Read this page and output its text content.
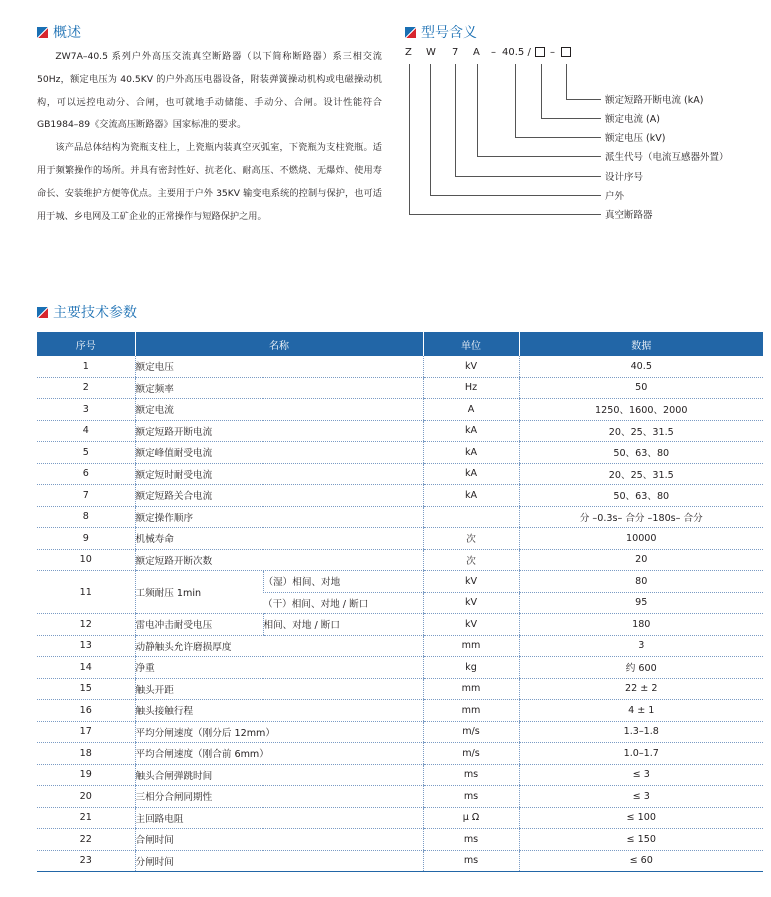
概述

ZW7A–40.5 系列户外高压交流真空断路器（以下简称断路器）系三相交流 50Hz，额定电压为 40.5KV 的户外高压电器设备，附装弹簧操动机构或电磁操动机构，可以远控电动分、合闸，也可就地手动储能、手动分、合闸。设计性能符合 GB1984–89《交流高压断路器》国家标准的要求。

该产品总体结构为瓷瓶支柱上，上瓷瓶内装真空灭弧室，下瓷瓶为支柱瓷瓶。适用于频繁操作的场所。并具有密封性好、抗老化、耐高压、不燃烧、无爆炸、使用寿命长、安装维护方便等优点。主要用于户外 35KV 输变电系统的控制与保护，也可适用于城、乡电网及工矿企业的正常操作与短路保护之用。

型号含义
Z W 7 A – 40.5 / –
额定短路开断电流 (kA)
额定电流 (A)
额定电压 (kV)
派生代号（电流互感器外置）
设计序号
户外
真空断路器
主要技术参数
序号	名称		单位	数据
1	额定电压		kV	40.5
2	额定频率		Hz	50
3	额定电流		A	1250、1600、2000
4	额定短路开断电流		kA	20、25、31.5
5	额定峰值耐受电流		kA	50、63、80
6	额定短时耐受电流		kA	20、25、31.5
7	额定短路关合电流		kA	50、63、80
8	额定操作顺序			分 –0.3s– 合分 –180s– 合分
9	机械寿命		次	10000
10	额定短路开断次数		次	20
11	工频耐压 1min	（湿）相间、对地	kV	80
		（干）相间、对地 / 断口	kV	95
12	雷电冲击耐受电压	相间、对地 / 断口	kV	180
13	动静触头允许磨损厚度		mm	3
14	净重		kg	约 600
15	触头开距		mm	22 ± 2
16	触头接触行程		mm	4 ± 1
17	平均分闸速度（刚分后 12mm）		m/s	1.3–1.8
18	平均合闸速度（刚合前 6mm）		m/s	1.0–1.7
19	触头合闸弹跳时间		ms	≤ 3
20	三相分合闸同期性		ms	≤ 3
21	主回路电阻		μ Ω	≤ 100
22	合闸时间		ms	≤ 150
23	分闸时间		ms	≤ 60
